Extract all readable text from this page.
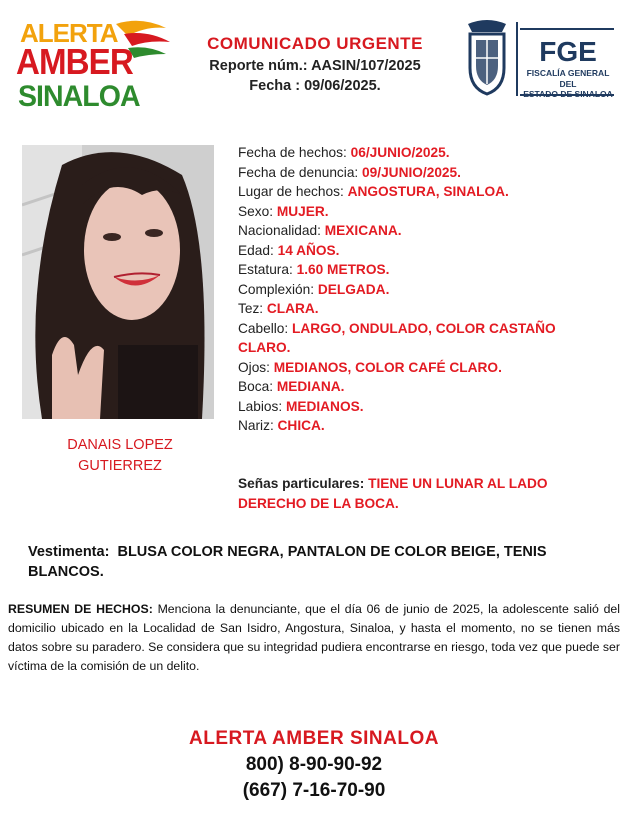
ALERTA
AMBER
SINALOA
COMUNICADO URGENTE
Reporte núm.: AASIN/107/2025
Fecha : 09/06/2025.
FGE
FISCALÍA GENERAL DEL
DANAIS LOPEZ
GUTIERREZ
Fecha de hechos: 06/JUNIO/2025.
Fecha de denuncia: 09/JUNIO/2025.
Lugar de hechos: ANGOSTURA, SINALOA.
Sexo: MUJER.
Nacionalidad: MEXICANA.
Edad: 14 AÑOS.
Estatura: 1.60 METROS.
Complexión: DELGADA.
Tez: CLARA.
Cabello: LARGO, ONDULADO, COLOR CASTAÑO CLARO.
Ojos: MEDIANOS, COLOR CAFÉ CLARO.
Boca: MEDIANA.
Labios: MEDIANOS.
Nariz: CHICA.
Señas particulares: TIENE UN LUNAR AL LADO DERECHO DE LA BOCA.
Vestimenta: BLUSA COLOR NEGRA, PANTALON DE COLOR BEIGE, TENIS BLANCOS.
RESUMEN DE HECHOS: Menciona la denunciante, que el día 06 de junio de 2025, la adolescente salió del domicilio ubicado en la Localidad de San Isidro, Angostura, Sinaloa, y hasta el momento, no se tienen más datos sobre su paradero. Se considera que su integridad pudiera encontrarse en riesgo, toda vez que puede ser víctima de la comisión de un delito.
ALERTA AMBER SINALOA
800) 8-90-90-92
(667) 7-16-70-90
